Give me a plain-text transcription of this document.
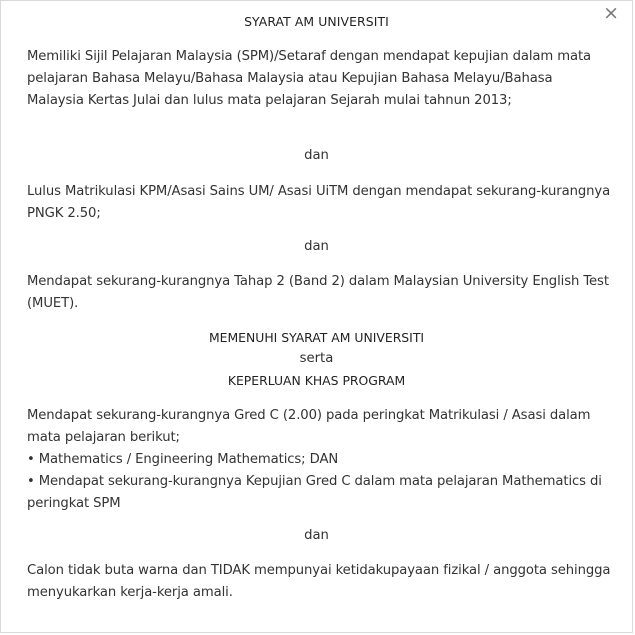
×
SYARAT AM UNIVERSITI
Memiliki Sijil Pelajaran Malaysia (SPM)/Setaraf dengan mendapat kepujian dalam mata pelajaran Bahasa Melayu/Bahasa Malaysia atau Kepujian Bahasa Melayu/Bahasa Malaysia Kertas Julai dan lulus mata pelajaran Sejarah mulai tahnun 2013;
dan
Lulus Matrikulasi KPM/Asasi Sains UM/ Asasi UiTM dengan mendapat sekurang-kurangnya PNGK 2.50;
dan
Mendapat sekurang-kurangnya Tahap 2 (Band 2) dalam Malaysian University English Test (MUET).
MEMENUHI SYARAT AM UNIVERSITI
serta
KEPERLUAN KHAS PROGRAM
Mendapat sekurang-kurangnya Gred C (2.00) pada peringkat Matrikulasi / Asasi dalam mata pelajaran berikut;
• Mathematics / Engineering Mathematics; DAN
• Mendapat sekurang-kurangnya Kepujian Gred C dalam mata pelajaran Mathematics di peringkat SPM
dan
Calon tidak buta warna dan TIDAK mempunyai ketidakupayaan fizikal / anggota sehingga menyukarkan kerja-kerja amali.
